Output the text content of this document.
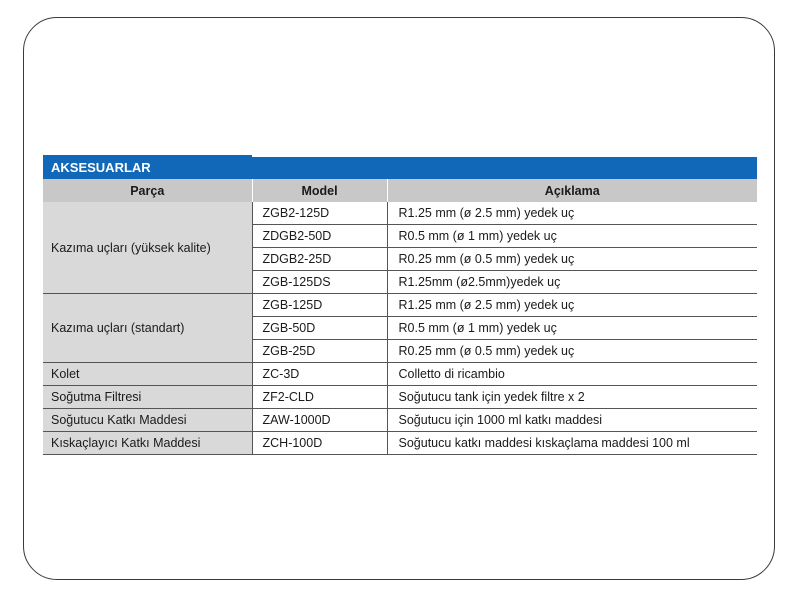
AKSESUARLAR
Parça	Model	Açıklama
Kazıma uçları (yüksek kalite)	ZGB2-125D	R1.25 mm (ø 2.5 mm) yedek uç
	ZDGB2-50D	R0.5 mm (ø 1 mm) yedek uç
	ZDGB2-25D	R0.25 mm (ø 0.5 mm) yedek uç
	ZGB-125DS	R1.25mm (ø2.5mm)yedek uç
Kazıma uçları (standart)	ZGB-125D	R1.25 mm (ø 2.5 mm) yedek uç
	ZGB-50D	R0.5 mm (ø 1 mm) yedek uç
	ZGB-25D	R0.25 mm (ø 0.5 mm) yedek uç
Kolet	ZC-3D	Colletto di ricambio
Soğutma Filtresi	ZF2-CLD	Soğutucu tank için yedek filtre x 2
Soğutucu Katkı Maddesi	ZAW-1000D	Soğutucu için 1000 ml katkı maddesi
Kıskaçlayıcı Katkı Maddesi	ZCH-100D	Soğutucu katkı maddesi kıskaçlama maddesi 100 ml
